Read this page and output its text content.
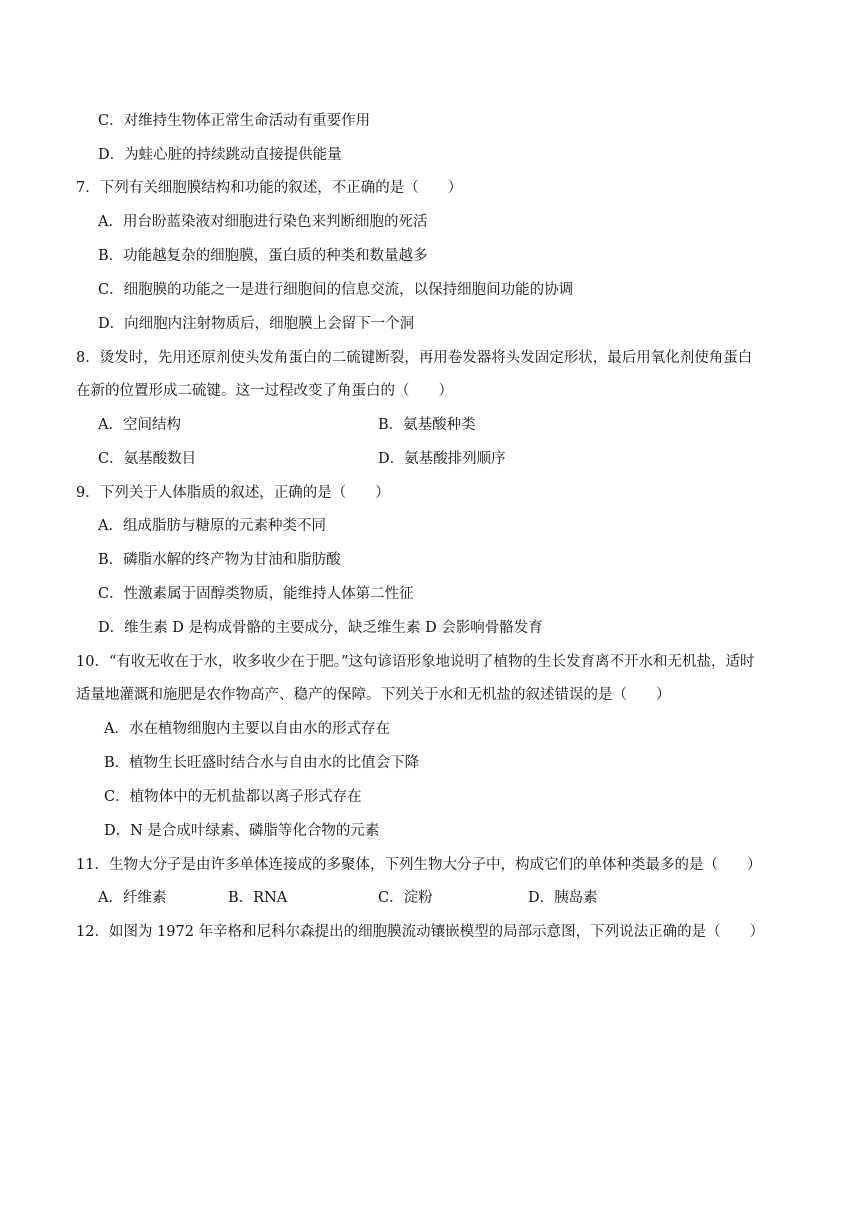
C．对维持生物体正常生命活动有重要作用
D．为蛙心脏的持续跳动直接提供能量
7．下列有关细胞膜结构和功能的叙述，不正确的是（　　）
A．用台盼蓝染液对细胞进行染色来判断细胞的死活
B．功能越复杂的细胞膜，蛋白质的种类和数量越多
C．细胞膜的功能之一是进行细胞间的信息交流，以保持细胞间功能的协调
D．向细胞内注射物质后，细胞膜上会留下一个洞
8．烫发时，先用还原剂使头发角蛋白的二硫键断裂，再用卷发器将头发固定形状，最后用氧化剂使角蛋白
在新的位置形成二硫键。这一过程改变了角蛋白的（　　）
A．空间结构	B．氨基酸种类
C．氨基酸数目	D．氨基酸排列顺序
9．下列关于人体脂质的叙述，正确的是（　　）
A．组成脂肪与糖原的元素种类不同
B．磷脂水解的终产物为甘油和脂肪酸
C．性激素属于固醇类物质，能维持人体第二性征
D．维生素 D 是构成骨骼的主要成分，缺乏维生素 D 会影响骨骼发育
10．“有收无收在于水，收多收少在于肥。”这句谚语形象地说明了植物的生长发育离不开水和无机盐，适时
适量地灌溉和施肥是农作物高产、稳产的保障。下列关于水和无机盐的叙述错误的是（　　）
A．水在植物细胞内主要以自由水的形式存在
B．植物生长旺盛时结合水与自由水的比值会下降
C．植物体中的无机盐都以离子形式存在
D．N 是合成叶绿素、磷脂等化合物的元素
11．生物大分子是由许多单体连接成的多聚体，下列生物大分子中，构成它们的单体种类最多的是（　　）
A．纤维素	B．RNA	C．淀粉	D．胰岛素
12．如图为 1972 年辛格和尼科尔森提出的细胞膜流动镶嵌模型的局部示意图，下列说法正确的是（　　）
